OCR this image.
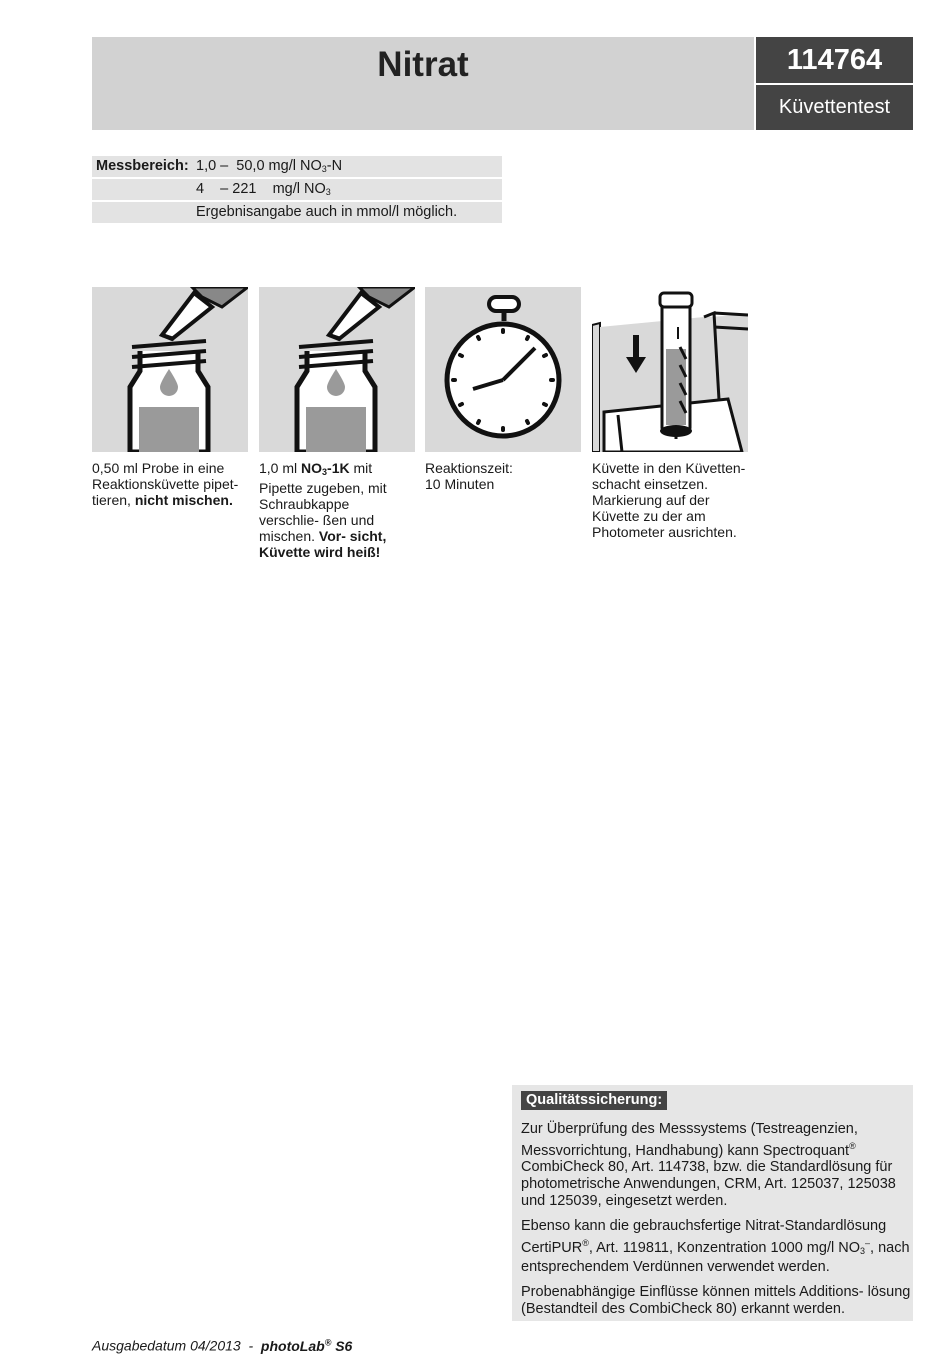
Nitrat	114764
Küvettentest
Messbereich: 1,0 –  50,0 mg/l $NO_3-N$
4    – 221    mg/l $NO_3$
Ergebnisangabe auch in mmol/l möglich.
0,50 ml Probe in eine Reaktionsküvette pipet- tieren, nicht mischen.
1,0 ml $NO_3-1K$ mit Pipette zugeben, mit Schraubkappe verschlie- ßen und mischen. Vor- sicht, Küvette wird heiß!
Reaktionszeit:
10 Minuten
Küvette in den Küvetten- schacht einsetzen. Markierung auf der Küvette zu der am Photometer ausrichten.
Qualitätssicherung:

Zur Überprüfung des Messsystems (Testreagenzien, Messvorrichtung, Handhabung) kann Spectroquant® CombiCheck 80, Art. 114738, bzw. die Standardlösung für photometrische Anwendungen, CRM, Art. 125037, 125038 und 125039, eingesetzt werden.

Ebenso kann die gebrauchsfertige Nitrat-Standardlösung CertiPUR®, Art. 119811, Konzentration 1000 mg/l $NO_3^-$, nach entsprechendem Verdünnen verwendet werden.

Probenabhängige Einflüsse können mittels Additions- lösung (Bestandteil des CombiCheck 80) erkannt werden.

Ausgabedatum 04/2013  -  photoLab® S6
